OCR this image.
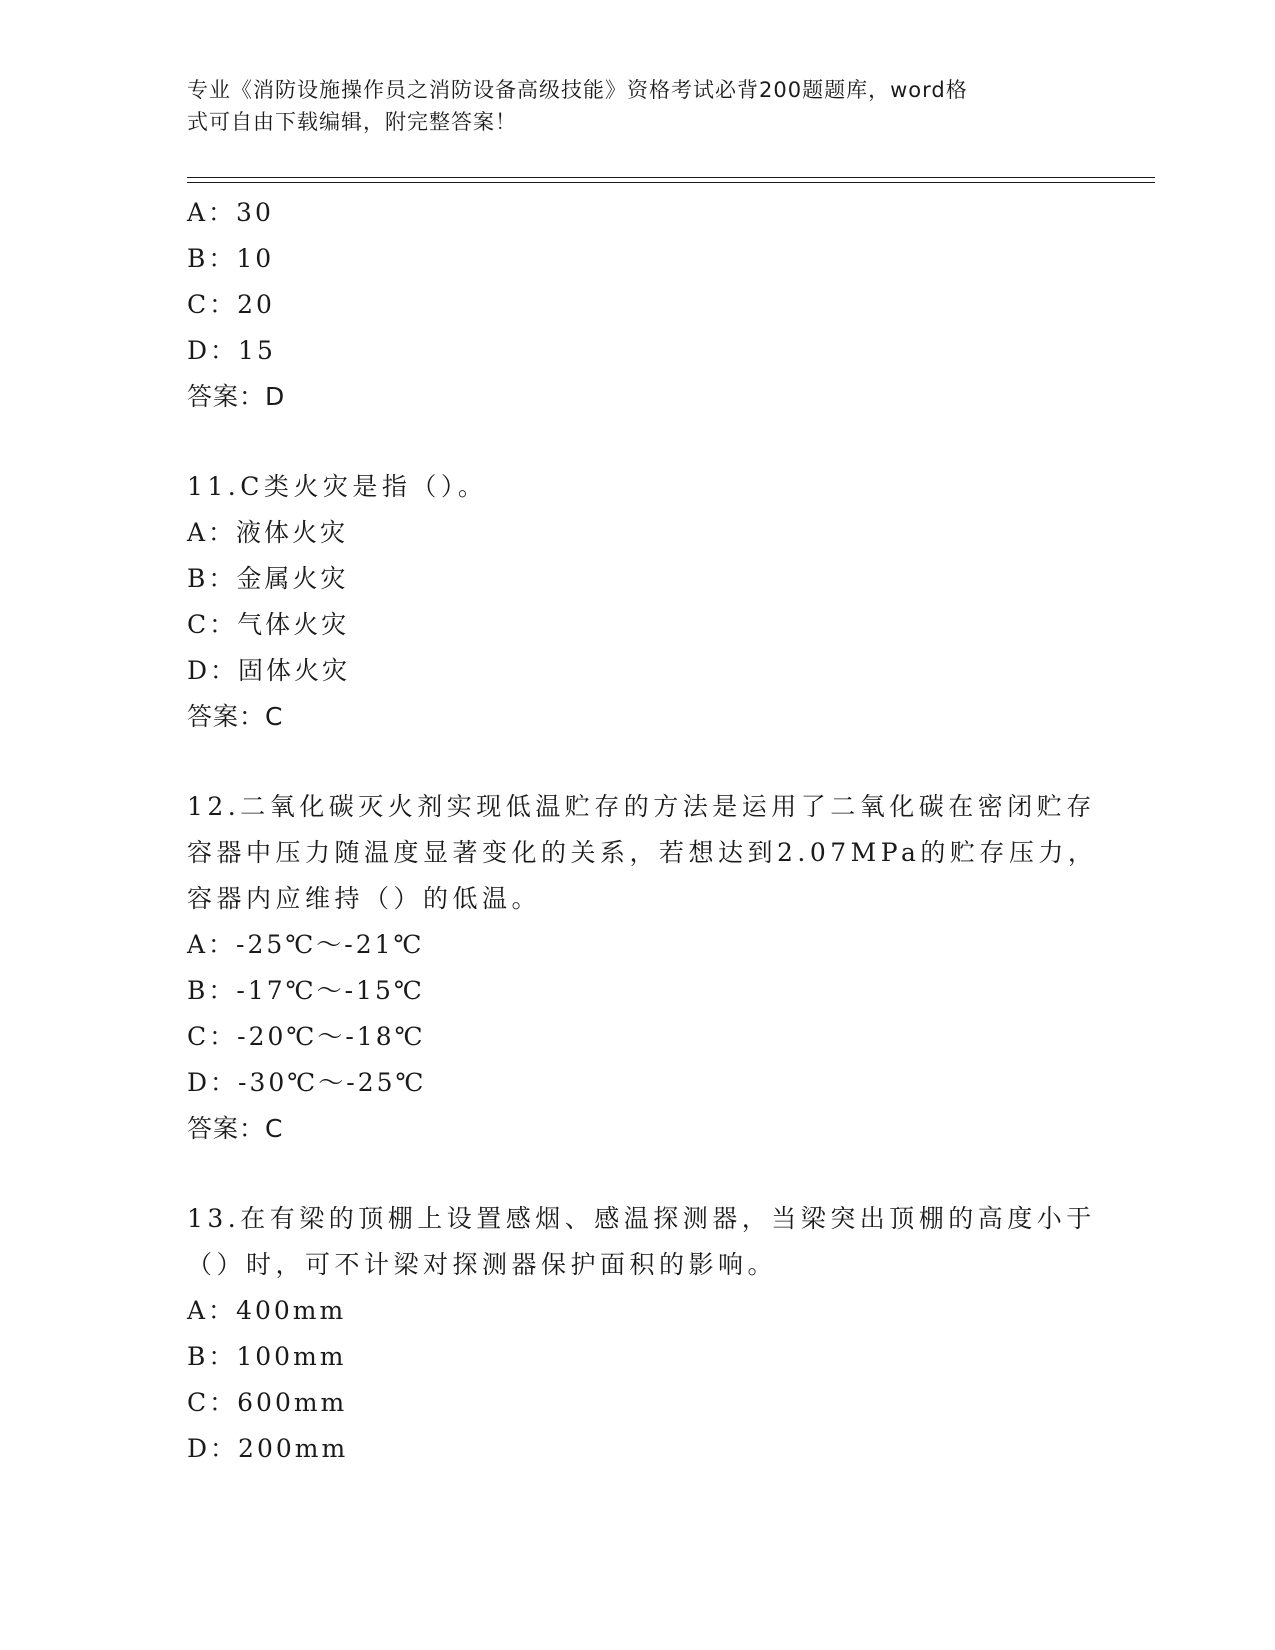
专业《消防设施操作员之消防设备高级技能》资格考试必背200题题库，word格
式可自由下载编辑，附完整答案！

A：30

B：10

C：20

D：15

答案：D

11.C类火灾是指（）。

A：液体火灾

B：金属火灾

C：气体火灾

D：固体火灾

答案：C

12.二氧化碳灭火剂实现低温贮存的方法是运用了二氧化碳在密闭贮存

容器中压力随温度显著变化的关系，若想达到2.07MPa的贮存压力，

容器内应维持（）的低温。

A：-25℃～-21℃

B：-17℃～-15℃

C：-20℃～-18℃

D：-30℃～-25℃

答案：C

13.在有梁的顶棚上设置感烟、感温探测器，当梁突出顶棚的高度小于

（）时，可不计梁对探测器保护面积的影响。

A：400mm

B：100mm

C：600mm

D：200mm
